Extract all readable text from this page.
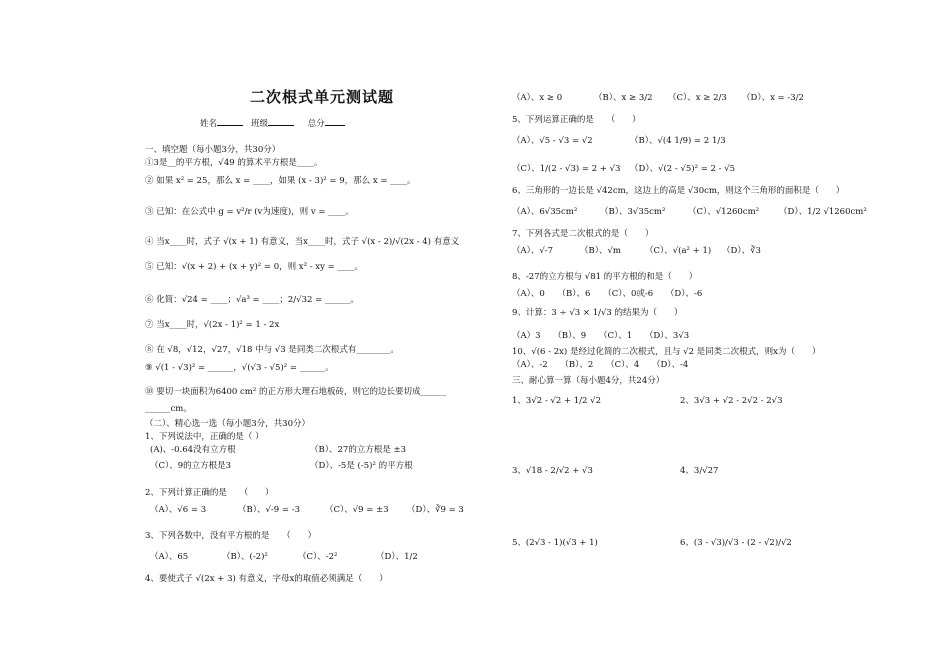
二次根式单元测试题
姓名	班级	总分
一、填空题（每小题3分，共30分）
①3是__的平方根，√49 的算术平方根是____。
② 如果 x² = 25，那么 x = ____，如果 (x - 3)² = 9，那么 x = ____。
③ 已知：在公式中 g = v²/r (v为速度)，则 v = ____。
④ 当x____时，式子 √(x + 1) 有意义，当x____时，式子 √(x - 2)/√(2x - 4) 有意义
⑤ 已知：√(x + 2) + (x + y)² = 0，则 x² - xy = ____。
⑥ 化简：√24 = ____；√a³ = ____；2/√32 = ______。
⑦ 当x____时，√(2x - 1)² = 1 - 2x
⑧ 在 √8，√12，√27，√18 中与 √3 是同类二次根式有________。
⑨ √(1 - √3)² = ______，√(√3 - √5)² = ______。
⑩ 要切一块面积为6400 cm² 的正方形大理石地板砖，则它的边长要切成______
______cm。
（二）、精心选一选（每小题3分，共30分）
1、下列说法中，正确的是（ ）
(A)、-0.64没有立方根	（B）、27的立方根是 ±3
（C）、9的立方根是3	（D）、-5是 (-5)² 的平方根
2、下列计算正确的是　　（　　）
（A）、√6 = 3	（B）、√-9 = -3	（C）、√9 = ±3 （D）、∛9 = 3
3、下列各数中，没有平方根的是　　（　　）
（A）、65	（B）、(-2)²	（C）、-2²	（D）、1/2
4、要使式子 √(2x + 3) 有意义，字母x的取值必须满足（　　）
（A）、x ≥ 0	（B）、x ≥ 3/2 （C）、x ≥ 2/3 （D）、x = -3/2
5、下列运算正确的是　　（　　）
（A）、√5 - √3 = √2	（B）、√(4 1/9) = 2 1/3
（C）、1/(2 - √3) = 2 + √3 （D）、√(2 - √5)² = 2 - √5
6、三角形的一边长是 √42cm，这边上的高是 √30cm，则这个三角形的面积是（　　）
（A）、6√35cm²	（B）、3√35cm²	（C）、√1260cm² （D）、1/2 √1260cm²
7、下列各式是二次根式的是（　　）
（A）、√-7	（B）、√m	（C）、√(a² + 1) （D）、∛3
8、-27的立方根与 √81 的平方根的和是（　　）
（A）、0　　（B）、6　　（C）、0或-6　　（D）、-6
9、计算：3 ÷ √3 × 1/√3 的结果为（　　）
（A）3　　（B）、9　　（C）、1　　（D）、3√3
10、√(6 - 2x) 是经过化简的二次根式，且与 √2 是同类二次根式，则x为（　　）
（A）、-2　　（B）、2　　（C）、4　　（D）、-4
三、耐心算一算（每小题4分，共24分）
1、3√2 - √2 + 1/2 √2	2、3√3 + √2 - 2√2 - 2√3
3、√18 - 2/√2 + √3	4、3/√27
5、(2√3 - 1)(√3 + 1)	6、(3 - √3)/√3 - (2 - √2)/√2
